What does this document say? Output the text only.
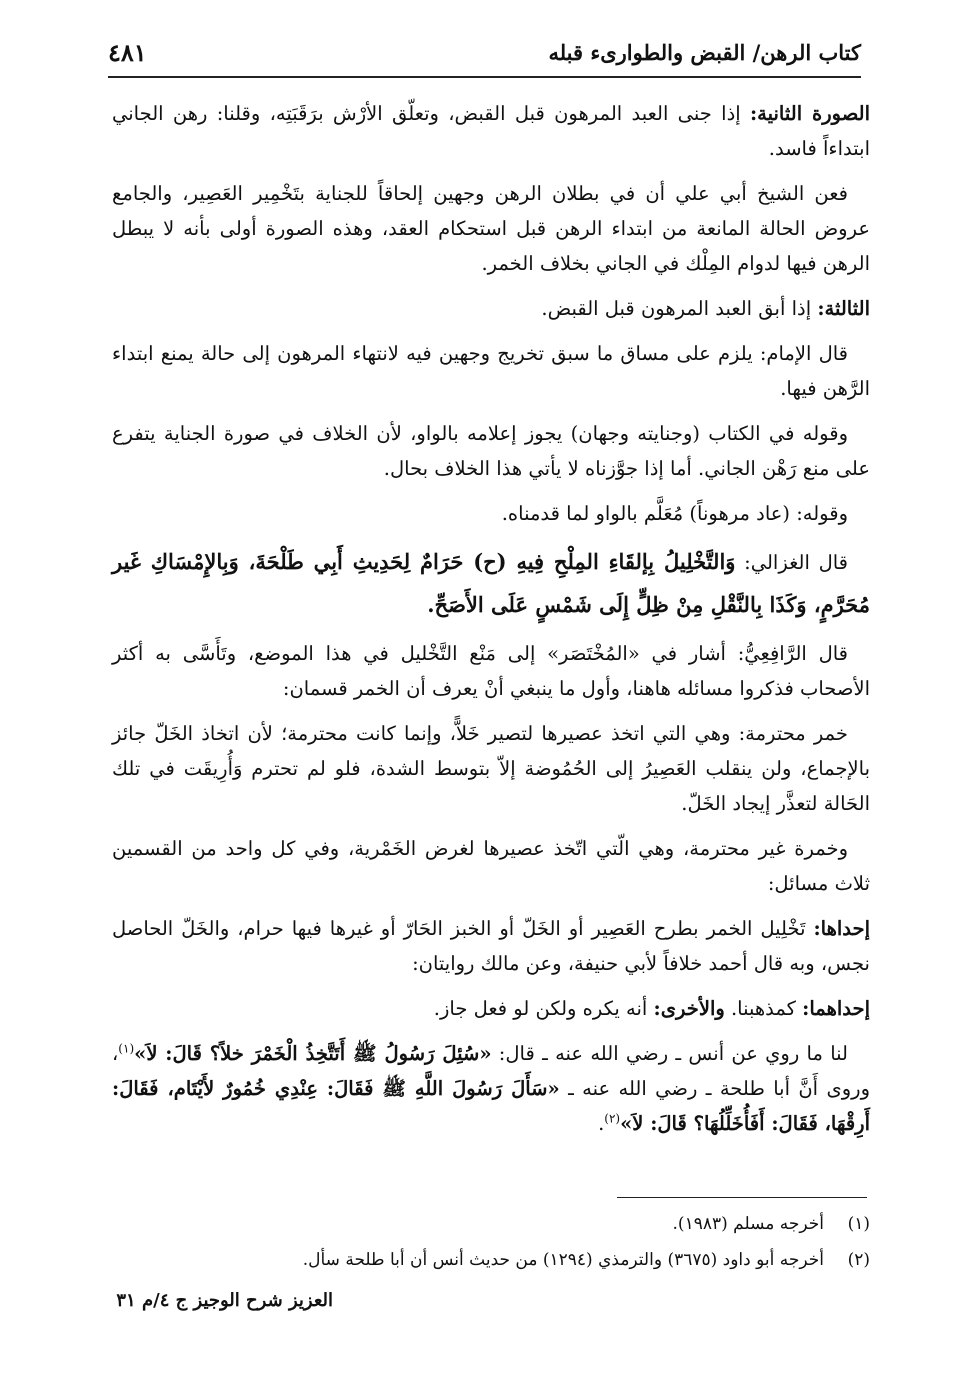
كتاب الرهن/ القبض والطوارىء قبله
٤٨١

الصورة الثانية: إذا جنى العبد المرهون قبل القبض، وتعلّق الأرْش برَقَبَتِه، وقلنا: رهن الجاني ابتداءاً فاسد.

فعن الشيخ أبي علي أن في بطلان الرهن وجهين إلحاقاً للجناية بتَخْمِير العَصِير، والجامع عروض الحالة المانعة من ابتداء الرهن قبل استحكام العقد، وهذه الصورة أولى بأنه لا يبطل الرهن فيها لدوام المِلْك في الجاني بخلاف الخمر.

الثالثة: إذا أبق العبد المرهون قبل القبض.

قال الإمام: يلزم على مساق ما سبق تخريج وجهين فيه لانتهاء المرهون إلى حالة يمنع ابتداء الرَّهن فيها.

وقوله في الكتاب (وجنايته وجهان) يجوز إعلامه بالواو، لأن الخلاف في صورة الجناية يتفرع على منع رَهْن الجاني. أما إذا جوَّزناه لا يأتي هذا الخلاف بحال.

وقوله: (عاد مرهوناً) مُعَلَّم بالواو لما قدمناه.

قال الغزالي: وَالتَّخْلِيلُ بِإلقَاءِ المِلْحِ فِيهِ (ح) حَرَامٌ لِحَدِيثِ أَبِي طَلْحَةَ، وَبِالإِمْسَاكِ غَير مُحَرَّمٍ، وَكَذَا بِالنَّقْلِ مِنْ ظِلٍّ إِلَى شَمْسٍ عَلَى الأَصَحِّ.

قال الرَّافِعِيُّ: أشار في «المُخْتَصَر» إلى مَنْع التَّخْليل في هذا الموضع، وتَأَسَّى به أكثر الأصحاب فذكروا مسائله هاهنا، وأول ما ينبغي أنْ يعرف أن الخمر قسمان:

خمر محترمة: وهي التي اتخذ عصيرها لتصير خَلاًّ، وإنما كانت محترمة؛ لأن اتخاذ الخَلّ جائز بالإجماع، ولن ينقلب العَصِيرُ إلى الحُمُوضة إلاّ بتوسط الشدة، فلو لم تحترم وَأُرِيقَت في تلك الحَالة لتعذَّر إيجاد الخَلّ.

وخمرة غير محترمة، وهي الّتي اتّخذ عصيرها لغرض الخَمْرية، وفي كل واحد من القسمين ثلاث مسائل:

إحداها: تَخْلِيل الخمر بطرح العَصِير أو الخَلّ أو الخبز الحَارّ أو غيرها فيها حرام، والخَلّ الحاصل نجس، وبه قال أحمد خلافاً لأبي حنيفة، وعن مالك روايتان:

إحداهما: كمذهبنا. والأخرى: أنه يكره ولكن لو فعل جاز.

لنا ما روي عن أنس ـ رضي الله عنه ـ قال: «سُئِلَ رَسُولُ ﷺ أَتَتَّخِذُ الْخَمْرَ خلاً؟ قَالَ: لاَ»$^{(١)}$، وروى أَنَّ أبا طلحة ـ رضي الله عنه ـ «سَأَلَ رَسُولَ اللَّهِ ﷺ فَقَالَ: عِنْدِي خُمُورٌ لأَيْتَام، فَقَالَ: أَرِقْهَا، فَقَالَ: أَفَأُخَلِّلُهَا؟ قَالَ: لاَ»$^{(٢)}$.

(١)أخرجه مسلم (١٩٨٣).
(٢)أخرجه أبو داود (٣٦٧٥) والترمذي (١٢٩٤) من حديث أنس أن أبا طلحة سأل.
العزيز شرح الوجيز ج ٤/م ٣١
